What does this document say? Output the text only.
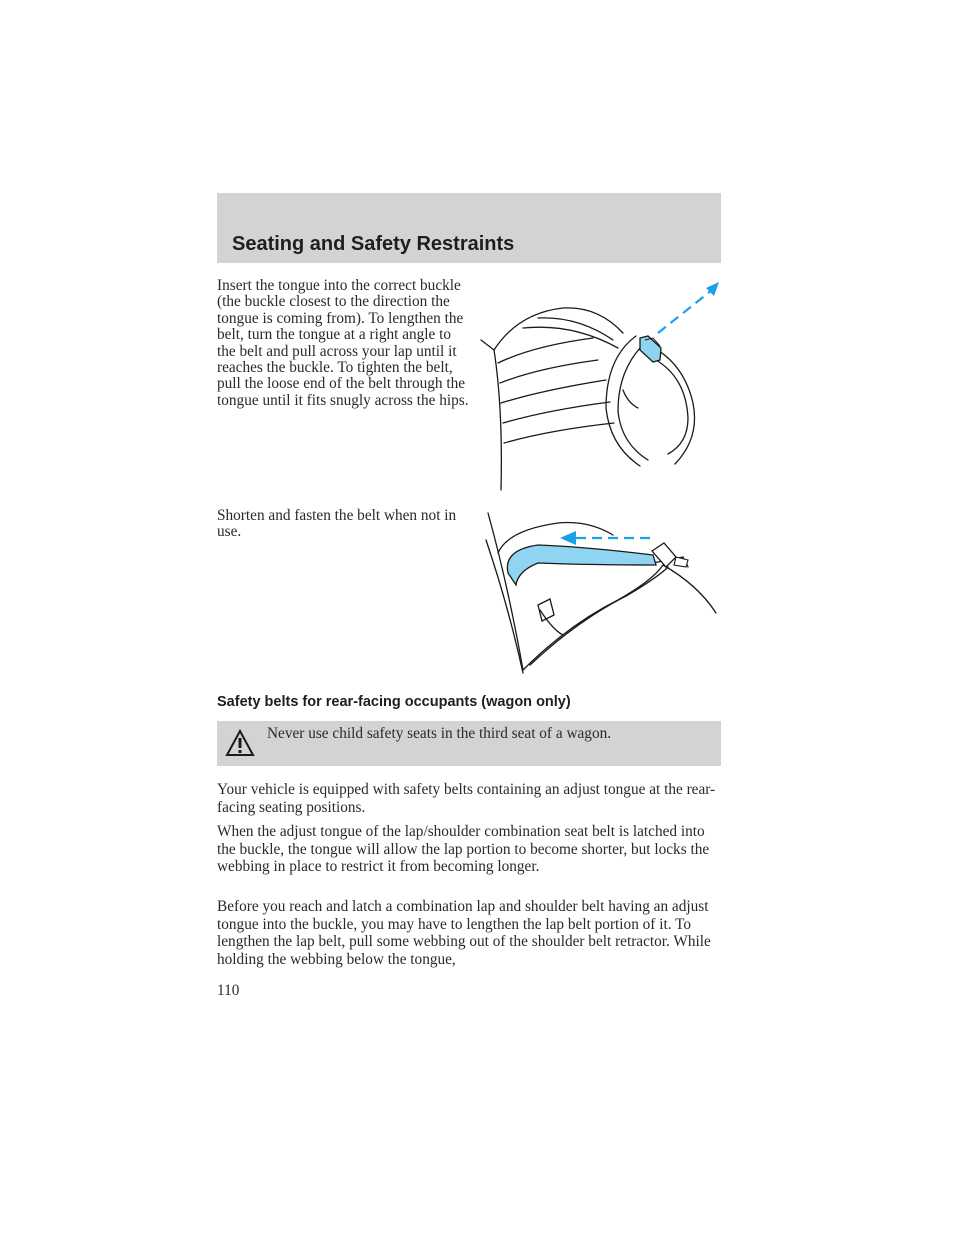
Seating and Safety Restraints

Insert the tongue into the correct buckle (the buckle closest to the direction the tongue is coming from). To lengthen the belt, turn the tongue at a right angle to the belt and pull across your lap until it reaches the buckle. To tighten the belt, pull the loose end of the belt through the tongue until it fits snugly across the hips.

Shorten and fasten the belt when not in use.

Safety belts for rear-facing occupants (wagon only)

Never use child safety seats in the third seat of a wagon.

Your vehicle is equipped with safety belts containing an adjust tongue at the rear-facing seating positions.

When the adjust tongue of the lap/shoulder combination seat belt is latched into the buckle, the tongue will allow the lap portion to become shorter, but locks the webbing in place to restrict it from becoming longer.

Before you reach and latch a combination lap and shoulder belt having an adjust tongue into the buckle, you may have to lengthen the lap belt portion of it. To lengthen the lap belt, pull some webbing out of the shoulder belt retractor. While holding the webbing below the tongue,

110
